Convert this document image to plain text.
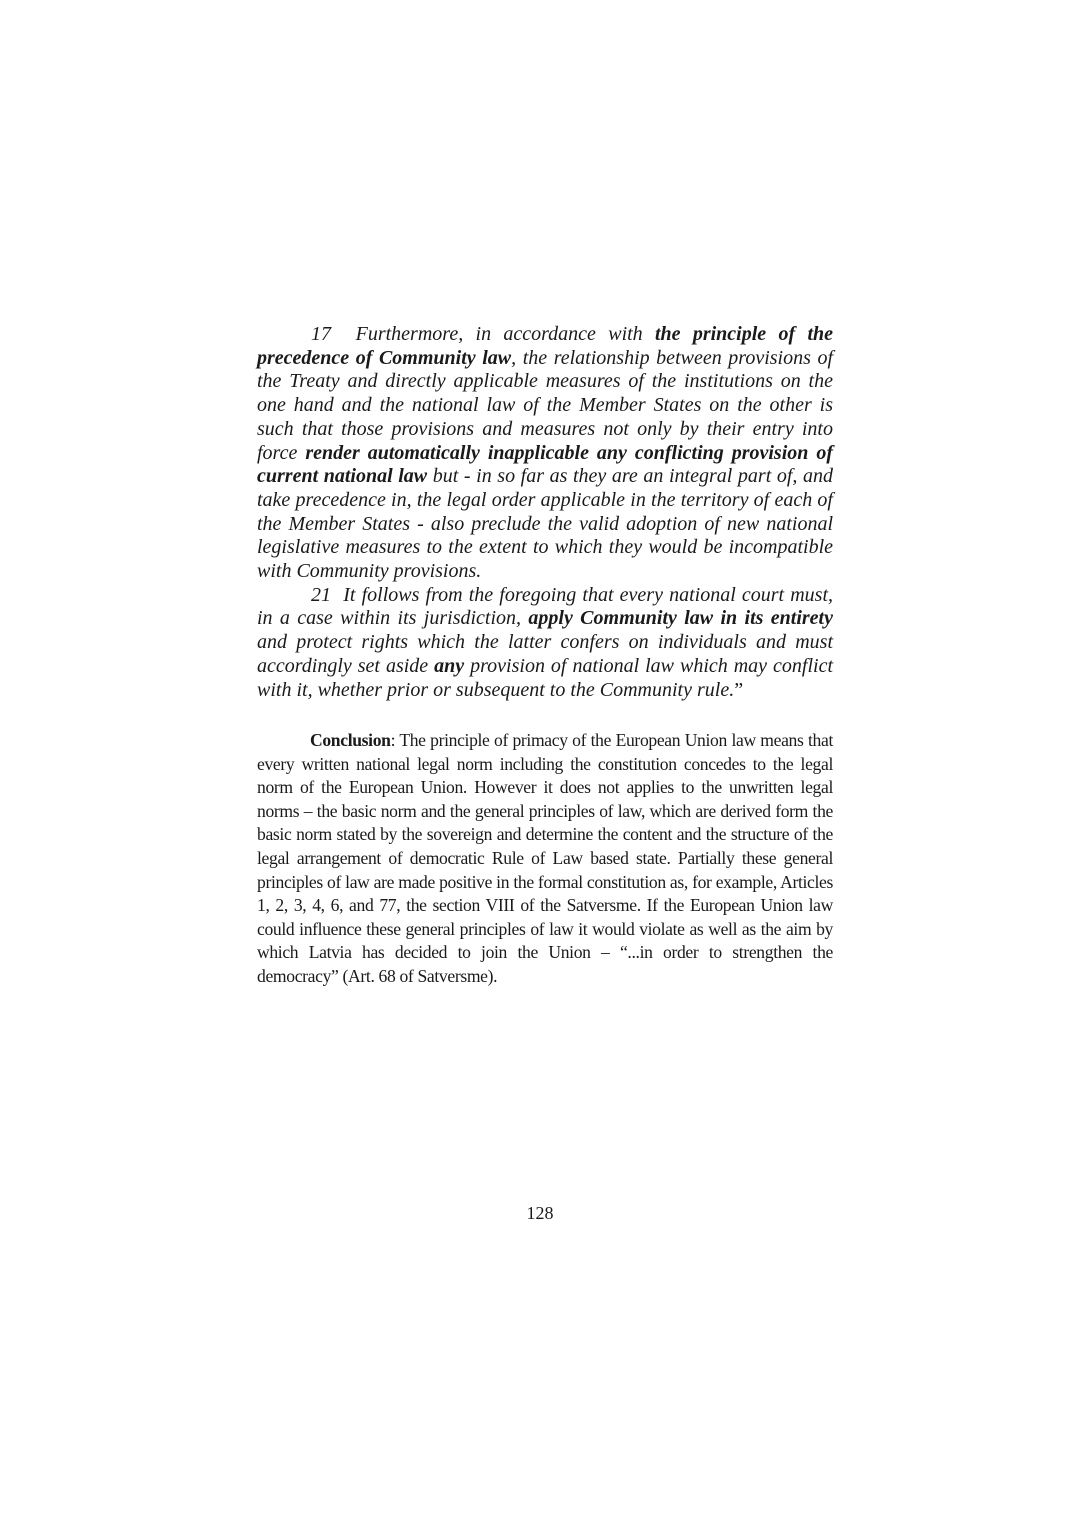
17 Furthermore, in accordance with the principle of the precedence of Community law, the relationship between provisions of the Treaty and directly applicable measures of the institutions on the one hand and the national law of the Member States on the other is such that those provisions and measures not only by their entry into force render automatically inapplicable any conflicting provision of current national law but - in so far as they are an integral part of, and take precedence in, the legal order applicable in the territory of each of the Member States - also preclude the valid adoption of new national legislative measures to the extent to which they would be incompatible with Community provisions.

21 It follows from the foregoing that every national court must, in a case within its jurisdiction, apply Community law in its entirety and protect rights which the latter confers on individuals and must accordingly set aside any provision of national law which may conflict with it, whether prior or subsequent to the Community rule.”

Conclusion: The principle of primacy of the European Union law means that every written national legal norm including the constitution concedes to the legal norm of the European Union. However it does not applies to the unwritten legal norms – the basic norm and the general principles of law, which are derived form the basic norm stated by the sovereign and determine the content and the structure of the legal arrangement of democratic Rule of Law based state. Partially these general principles of law are made positive in the formal constitution as, for example, Articles 1, 2, 3, 4, 6, and 77, the section VIII of the Satversme. If the European Union law could influence these general principles of law it would violate as well as the aim by which Latvia has decided to join the Union – “...in order to strengthen the democracy” (Art. 68 of Satversme).

128
